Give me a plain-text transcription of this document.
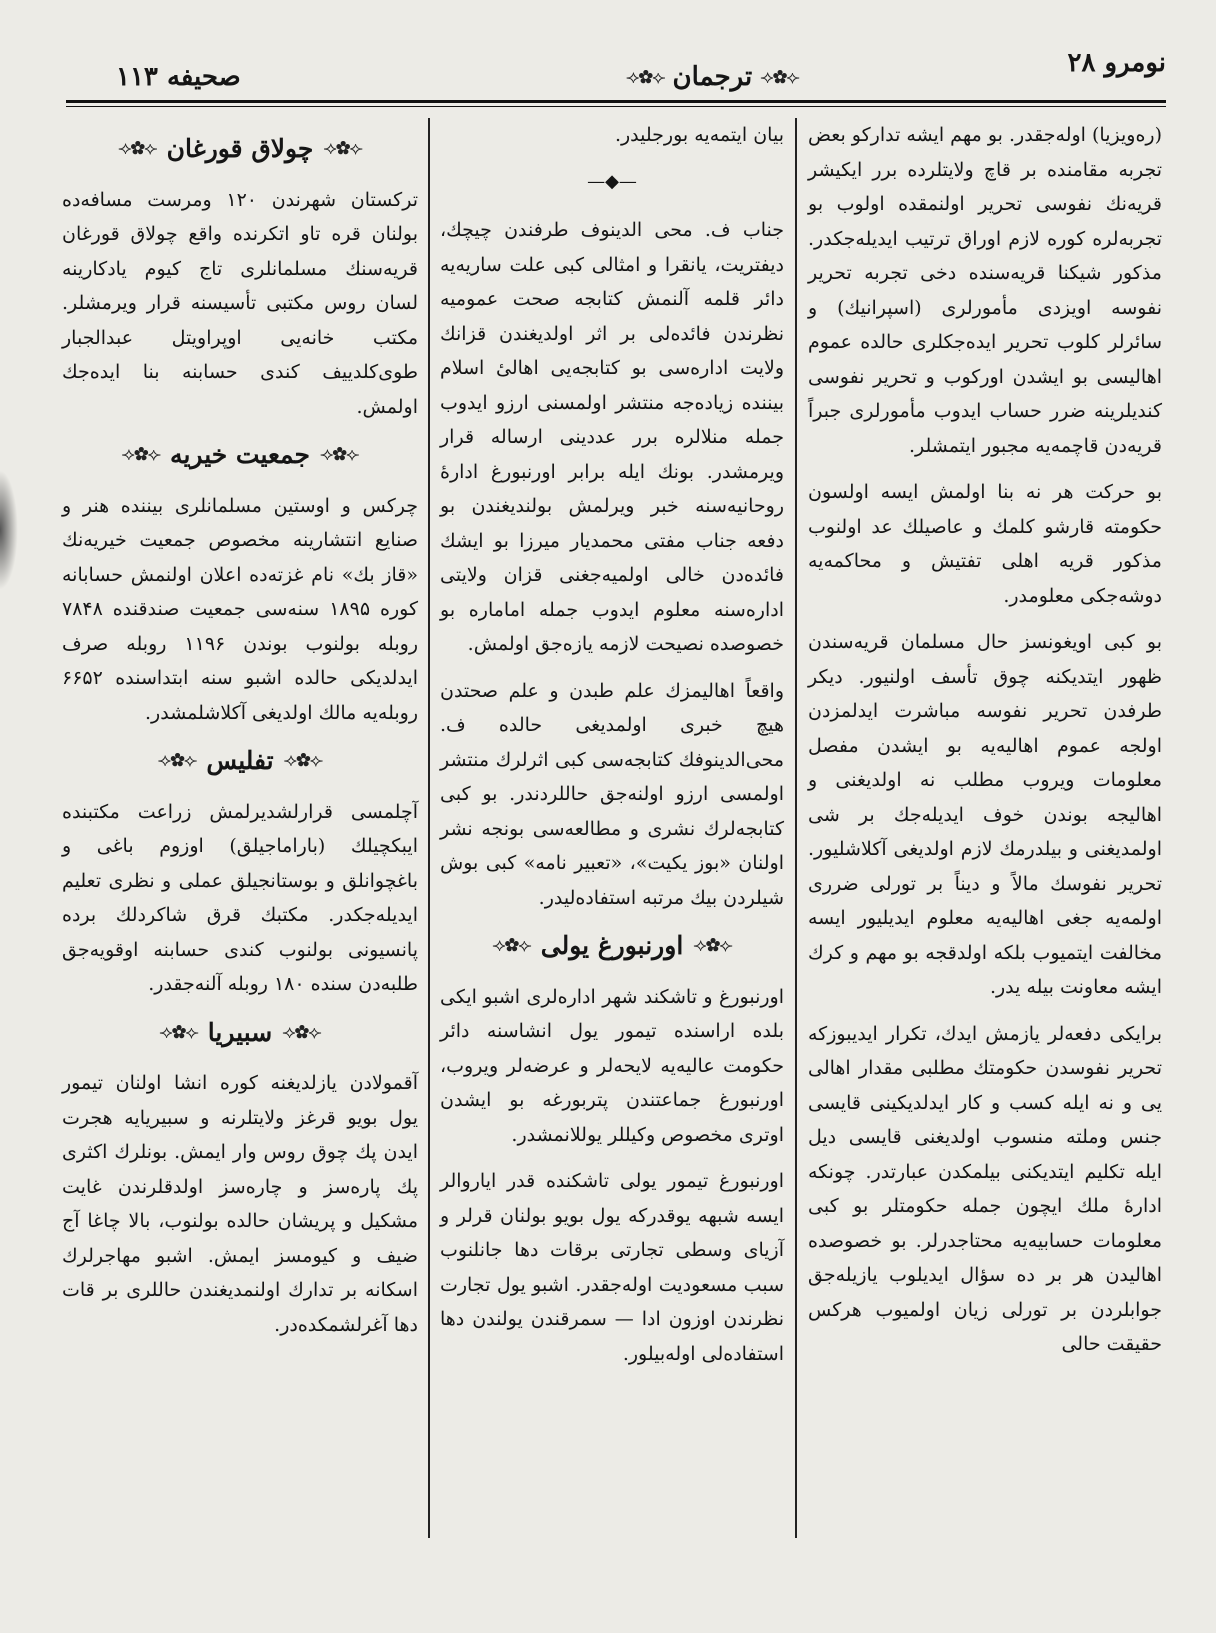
صحیفه ۱۱۳	⟢✿⟣
ترجمان
⟢✿⟣	نومرو ۲۸

(رەویزیا) اولەجقدر. بو مهم ایشه تدارکو بعض تجربه مقامنده بر قاچ ولایتلرده برر ایکیشر قریەنك نفوسی تحریر اولنمقده اولوب بو تجربەلره کوره لازم اوراق ترتیب ایدیلەجکدر. مذکور شیکنا قریەسنده دخی تجربە تحریر نفوسه اویزدی مأمورلری (اسپرانیك) و سائرلر کلوب تحریر ایدەجکلری حالده عموم اهالیسی بو ایشدن اورکوب و تحریر نفوسی کندیلرینه ضرر حساب ایدوب مأمورلری جبراً قریەدن قاچمەیه مجبور ایتمشلر.

بو حرکت هر نه بنا اولمش ایسه اولسون حکومته قارشو کلمك و عاصیلك عد اولنوب مذکور قریه اهلی تفتیش و محاکمەیه دوشەجکی معلومدر.

بو کبی اویغونسز حال مسلمان قریەسندن ظهور ایتدیکنه چوق تأسف اولنیور. دیکر طرفدن تحریر نفوسه مباشرت ایدلمزدن اولجه عموم اهالیەیه بو ایشدن مفصل معلومات ویروب مطلب نه اولدیغنی و اهالیجه بوندن خوف ایدیلەجك بر شی اولمدیغنی و بیلدرمك لازم اولدیغی آکلاشلیور. تحریر نفوسك مالاً و دیناً بر تورلی ضرری اولمەیه جغی اهالیەیه معلوم ایدیلیور ایسه مخالفت ایتمیوب بلکه اولدقجه بو مهم و کرك ایشه معاونت بیله یدر.

برایکی دفعەلر یازمش ایدك، تکرار ایدیبوزکه تحریر نفوسدن حکومتك مطلبی مقدار اهالی یی و نه ایله کسب و کار ایدلدیکینی قایسی جنس وملته منسوب اولدیغنی قایسی دیل ایله تکلیم ایتدیکنی بیلمکدن عبارتدر. چونکه ادارهٔ ملك ایچون جمله حکومتلر بو کبی معلومات حسابیەیه محتاجدرلر. بو خصوصده اهالیدن هر بر ده سؤال ایدیلوب یازیلەجق جوابلردن بر تورلی زیان اولمیوب هرکس حقیقت حالی

بیان ایتمەیه بورجلیدر.

—◆—

جناب ف. محی الدینوف طرفندن چیچك، دیفتریت، یانقرا و امثالی کبی علت ساریەیه دائر قلمه آلنمش کتابجه صحت عمومیه نظرندن فائدەلی بر اثر اولدیغندن قزانك ولایت ادارەسی بو کتابجەیی اهالیٔ اسلام بیننده زیادەجه منتشر اولمسنی ارزو ایدوب جمله منلالره برر عددینی ارساله قرار ویرمشدر. بونك ایله برابر اورنبورغ ادارهٔ روحانیەسنه خبر ویرلمش بولندیغندن بو دفعه جناب مفتی محمدیار میرزا بو ایشك فائدەدن خالی اولمیەجغنی قزان ولایتی اداره‌سنه معلوم ایدوب جمله امامارە بو خصوصده نصیحت لازمه یازەجق اولمش.

واقعاً اهالیمزك علم طبدن و علم صحتدن هیچ خبری اولمدیغی حالده ف. محی‌الدینوفك کتابجەسی کبی اثرلرك منتشر اولمسی ارزو اولنەجق حاللردندر. بو کبی کتابجەلرك نشری و مطالعەسی بونجه نشر اولنان «بوز یکیت»، «تعبیر نامه» کبی بوش شیلردن بیك مرتبه استفادەلیدر.

⟢✿⟣
اورنبورغ یولی
⟢✿⟣

اورنبورغ و تاشکند شهر ادارەلری اشبو ایکی بلده اراسنده تیمور یول انشاسنه دائر حکومت عالیەیه لایحەلر و عرضەلر ویروب، اورنبورغ جماعتندن پتربورغه بو ایشدن اوتری مخصوص وکیللر یوللانمشدر.

اورنبورغ تیمور یولی تاشکنده قدر ایاروالر ایسه شبهه یوقدرکه یول بویو بولنان قرلر و آزیای وسطی تجارتی برقات دها جانلنوب سبب مسعودیت اولەجقدر. اشبو یول تجارت نظرندن اوزون ادا — سمرقندن یولندن دها استفادەلی اولەبیلور.

⟢✿⟣
چولاق قورغان
⟢✿⟣

ترکستان شهرندن ۱۲۰ ومرست مسافەده بولنان قره تاو اتکرنده واقع چولاق قورغان قریەسنك مسلمانلری تاج کیوم یادکارینه لسان روس مکتبی تأسیسنه قرار ویرمشلر. مکتب خانەیی اوپراویتل عبدالجبار طوی‌کلدییف کندی حسابنه بنا ایدەجك اولمش.

⟢✿⟣
جمعیت خیریه
⟢✿⟣

چرکس و اوستین مسلمانلری بیننده هنر و صنایع انتشارینه مخصوص جمعیت خیریەنك «قاز بك» نام غزتەده اعلان اولنمش حسابانه کوره ۱۸۹۵ سنەسی جمعیت صندقنده ۷۸۴۸ روبله بولنوب بوندن ۱۱۹۶ روبله صرف ایدلدیکی حالده اشبو سنه ابتداسنده ۶۶۵۲ روبلەیه مالك اولدیغی آکلاشلمشدر.

⟢✿⟣
تفلیس
⟢✿⟣

آچلمسی قرارلشدیرلمش زراعت مکتبنده ایبکچیلك (باراماجیلق) اوزوم باغی و باغچوانلق و بوستانجیلق عملی و نظری تعلیم ایدیلەجکدر. مکتبك قرق شاکردلك برده پانسیونی بولنوب کندی حسابنه اوقویەجق طلبەدن سنده ۱۸۰ روبله آلنەجقدر.

⟢✿⟣
سبیریا
⟢✿⟣

آقمولادن یازلدیغنه کوره انشا اولنان تیمور یول بویو قرغز ولایتلرنه و سبیریایه هجرت ایدن پك چوق روس وار ایمش. بونلرك اکثری پك پارەسز و چارەسز اولدقلرندن غایت مشکیل و پریشان حالده بولنوب، بالا چاغا آج ضیف و کیومسز ایمش. اشبو مهاجرلرك اسکانه بر تدارك اولنمدیغندن حاللری بر قات دها آغرلشمکدەدر.
